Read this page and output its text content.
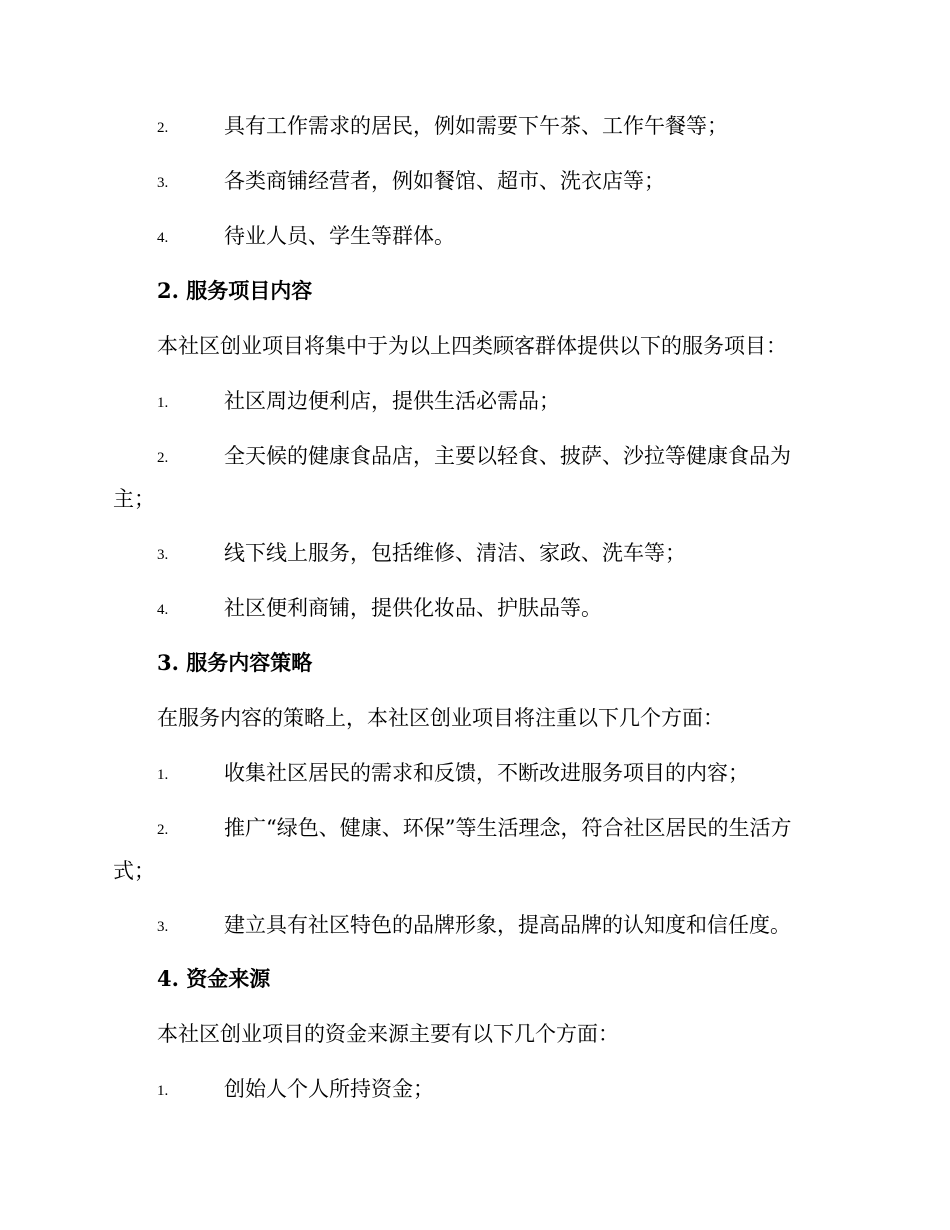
2.	具有工作需求的居民，例如需要下午茶、工作午餐等；
3.	各类商铺经营者，例如餐馆、超市、洗衣店等；
4.	待业人员、学生等群体。
2. 服务项目内容
本社区创业项目将集中于为以上四类顾客群体提供以下的服务项目：
1.	社区周边便利店，提供生活必需品；
2.	全天候的健康食品店，主要以轻食、披萨、沙拉等健康食品为
主；
3.	线下线上服务，包括维修、清洁、家政、洗车等；
4.	社区便利商铺，提供化妆品、护肤品等。
3. 服务内容策略
在服务内容的策略上，本社区创业项目将注重以下几个方面：
1.	收集社区居民的需求和反馈，不断改进服务项目的内容；
2.	推广“绿色、健康、环保”等生活理念，符合社区居民的生活方
式；
3.	建立具有社区特色的品牌形象，提高品牌的认知度和信任度。
4. 资金来源
本社区创业项目的资金来源主要有以下几个方面：
1.	创始人个人所持资金；
